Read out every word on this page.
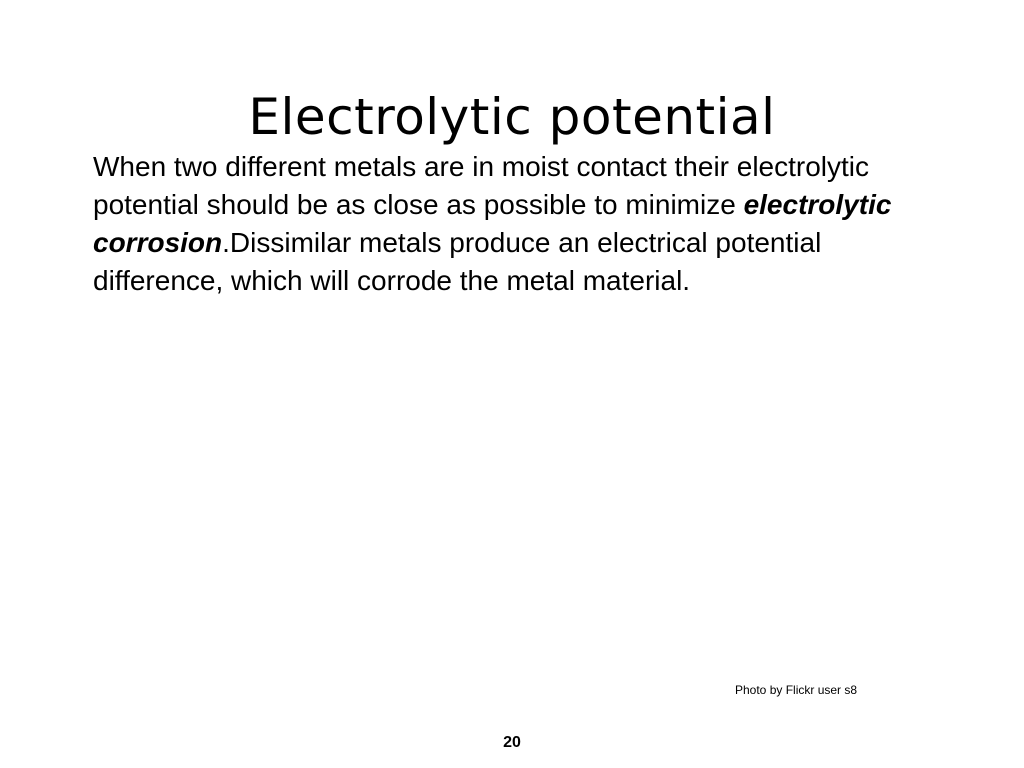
Electrolytic potential

When two different metals are in moist contact their electrolytic potential should be as close as possible to minimize electrolytic corrosion.Dissimilar metals produce an electrical potential difference, which will corrode the metal material.

Photo by Flickr user s8
20
